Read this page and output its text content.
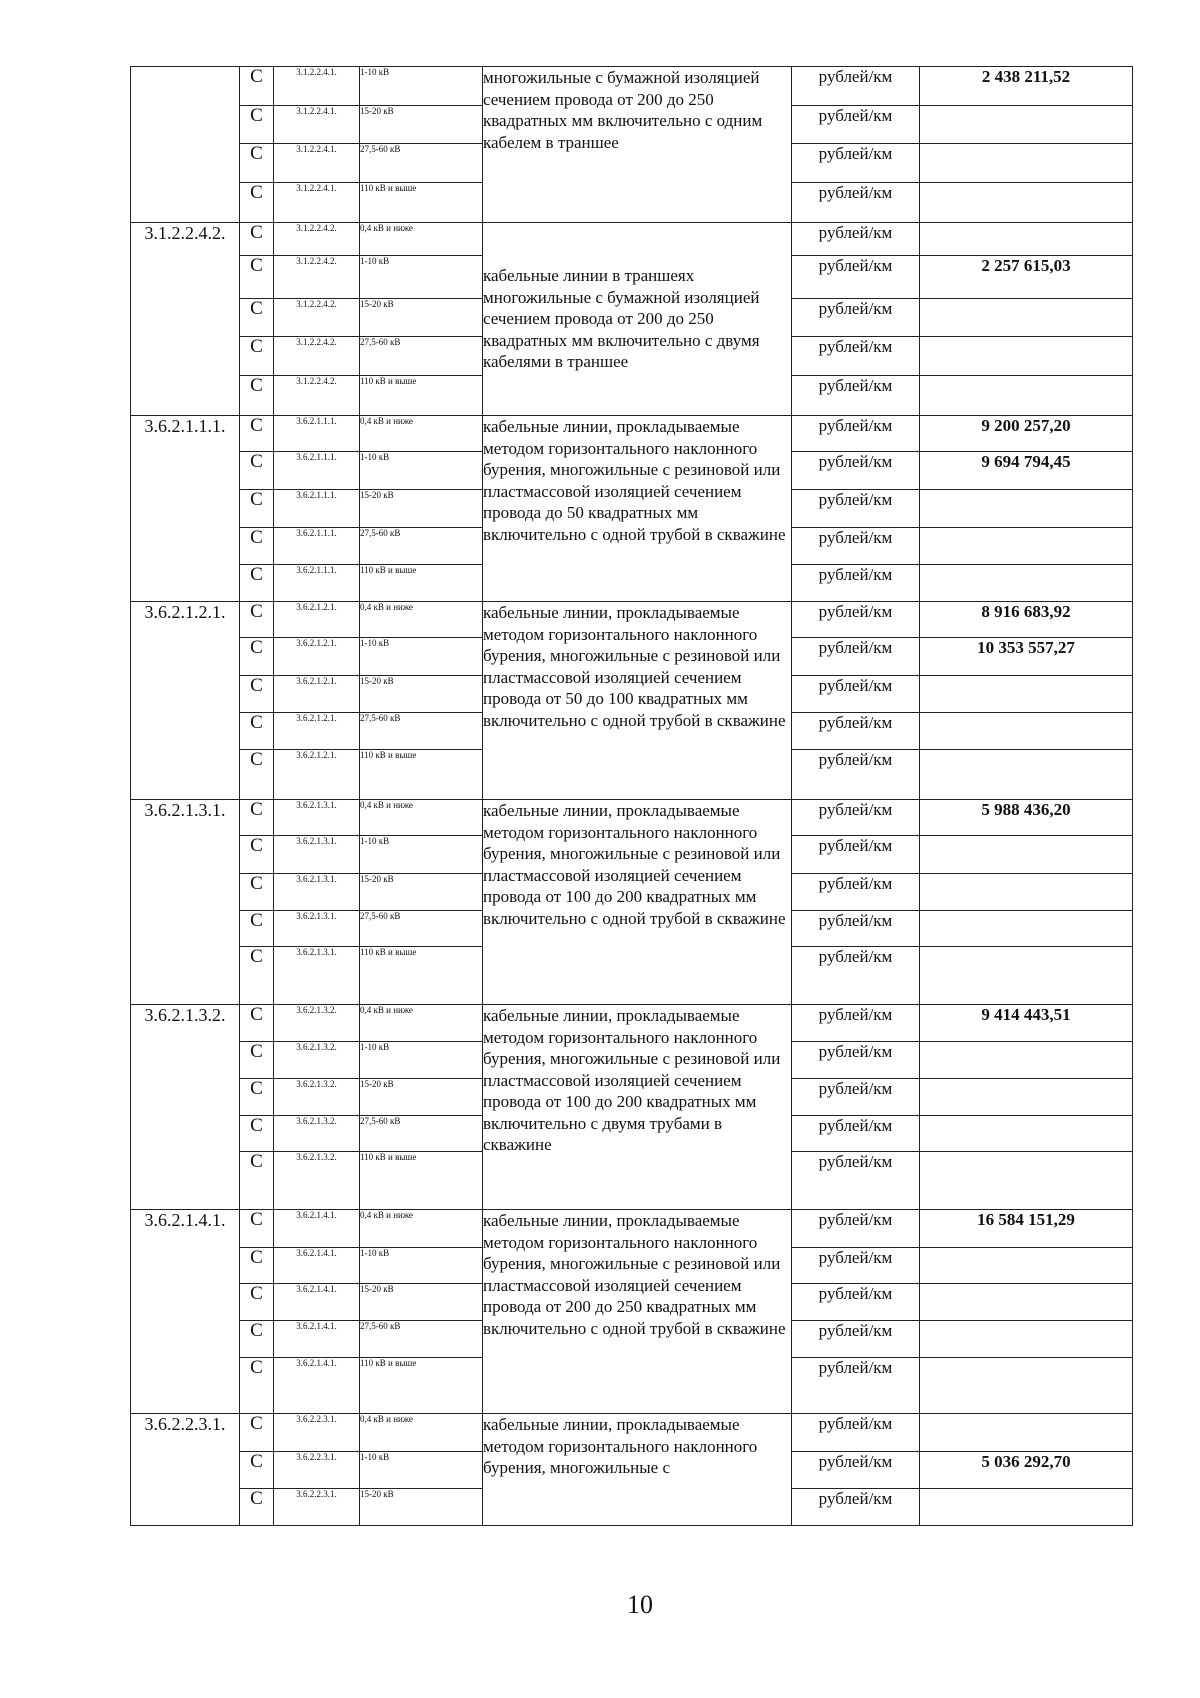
	С	3.1.2.2.4.1.	1-10 кВ	многожильные с бумажной изоляцией сечением провода от 200 до 250 квадратных мм включительно с одним кабелем в траншее	рублей/км	2 438 211,52
	С	3.1.2.2.4.1.	15-20 кВ		рублей/км	
	С	3.1.2.2.4.1.	27,5-60 кВ		рублей/км	
	С	3.1.2.2.4.1.	110 кВ и выше		рублей/км	
3.1.2.2.4.2.	С	3.1.2.2.4.2.	0,4 кВ и ниже	кабельные линии в траншеях многожильные с бумажной изоляцией сечением провода от 200 до 250 квадратных мм включительно с двумя кабелями в траншее	рублей/км	
	С	3.1.2.2.4.2.	1-10 кВ		рублей/км	2 257 615,03
	С	3.1.2.2.4.2.	15-20 кВ		рублей/км	
	С	3.1.2.2.4.2.	27,5-60 кВ		рублей/км	
	С	3.1.2.2.4.2.	110 кВ и выше		рублей/км	
3.6.2.1.1.1.	С	3.6.2.1.1.1.	0,4 кВ и ниже	кабельные линии, прокладываемые методом горизонтального наклонного бурения, многожильные с резиновой или пластмассовой изоляцией сечением провода до 50 квадратных мм включительно с одной трубой в скважине	рублей/км	9 200 257,20
	С	3.6.2.1.1.1.	1-10 кВ		рублей/км	9 694 794,45
	С	3.6.2.1.1.1.	15-20 кВ		рублей/км	
	С	3.6.2.1.1.1.	27,5-60 кВ		рублей/км	
	С	3.6.2.1.1.1.	110 кВ и выше		рублей/км	
3.6.2.1.2.1.	С	3.6.2.1.2.1.	0,4 кВ и ниже	кабельные линии, прокладываемые методом горизонтального наклонного бурения, многожильные с резиновой или пластмассовой изоляцией сечением провода от 50 до 100 квадратных мм включительно с одной трубой в скважине	рублей/км	8 916 683,92
	С	3.6.2.1.2.1.	1-10 кВ		рублей/км	10 353 557,27
	С	3.6.2.1.2.1.	15-20 кВ		рублей/км	
	С	3.6.2.1.2.1.	27,5-60 кВ		рублей/км	
	С	3.6.2.1.2.1.	110 кВ и выше		рублей/км	
3.6.2.1.3.1.	С	3.6.2.1.3.1.	0,4 кВ и ниже	кабельные линии, прокладываемые методом горизонтального наклонного бурения, многожильные с резиновой или пластмассовой изоляцией сечением провода от 100 до 200 квадратных мм включительно с одной трубой в скважине	рублей/км	5 988 436,20
	С	3.6.2.1.3.1.	1-10 кВ		рублей/км	
	С	3.6.2.1.3.1.	15-20 кВ		рублей/км	
	С	3.6.2.1.3.1.	27,5-60 кВ		рублей/км	
	С	3.6.2.1.3.1.	110 кВ и выше		рублей/км	
3.6.2.1.3.2.	С	3.6.2.1.3.2.	0,4 кВ и ниже	кабельные линии, прокладываемые методом горизонтального наклонного бурения, многожильные с резиновой или пластмассовой изоляцией сечением провода от 100 до 200 квадратных мм включительно с двумя трубами в скважине	рублей/км	9 414 443,51
	С	3.6.2.1.3.2.	1-10 кВ		рублей/км	
	С	3.6.2.1.3.2.	15-20 кВ		рублей/км	
	С	3.6.2.1.3.2.	27,5-60 кВ		рублей/км	
	С	3.6.2.1.3.2.	110 кВ и выше		рублей/км	
3.6.2.1.4.1.	С	3.6.2.1.4.1.	0,4 кВ и ниже	кабельные линии, прокладываемые методом горизонтального наклонного бурения, многожильные с резиновой или пластмассовой изоляцией сечением провода от 200 до 250 квадратных мм включительно с одной трубой в скважине	рублей/км	16 584 151,29
	С	3.6.2.1.4.1.	1-10 кВ		рублей/км	
	С	3.6.2.1.4.1.	15-20 кВ		рублей/км	
	С	3.6.2.1.4.1.	27,5-60 кВ		рублей/км	
	С	3.6.2.1.4.1.	110 кВ и выше		рублей/км	
3.6.2.2.3.1.	С	3.6.2.2.3.1.	0,4 кВ и ниже	кабельные линии, прокладываемые методом горизонтального наклонного бурения, многожильные с	рублей/км	
	С	3.6.2.2.3.1.	1-10 кВ		рублей/км	5 036 292,70
	С	3.6.2.2.3.1.	15-20 кВ		рублей/км	
10
